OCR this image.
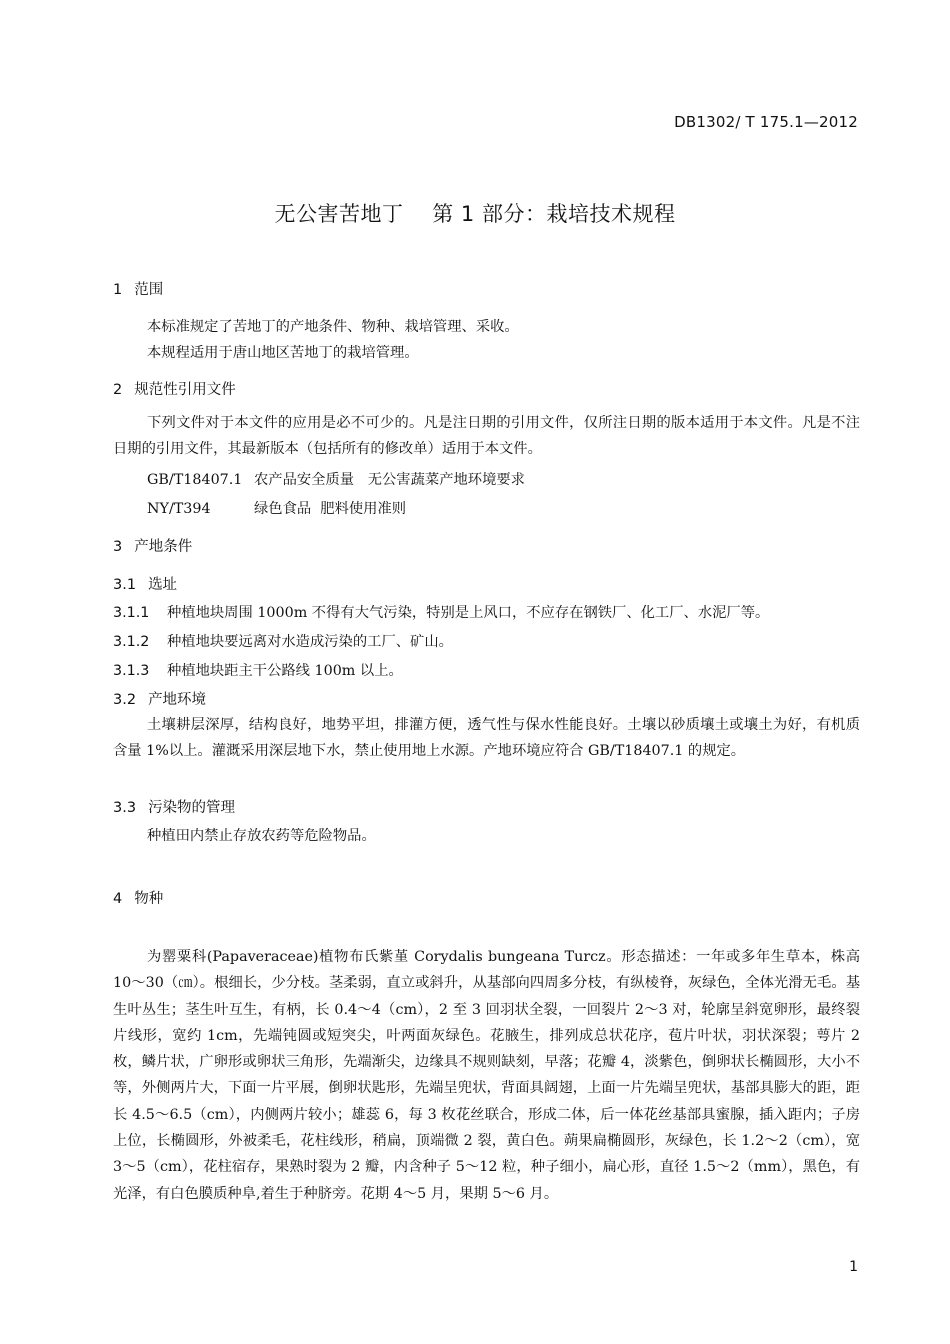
DB1302/ T 175.1—2012
无公害苦地丁    第 1 部分：栽培技术规程
1 范围
本标准规定了苦地丁的产地条件、物种、栽培管理、采收。
本规程适用于唐山地区苦地丁的栽培管理。
2 规范性引用文件
下列文件对于本文件的应用是必不可少的。凡是注日期的引用文件，仅所注日期的版本适用于本文件。凡是不注日期的引用文件，其最新版本（包括所有的修改单）适用于本文件。
GB/T18407.1 农产品安全质量   无公害蔬菜产地环境要求
NY/T394	绿色食品  肥料使用准则
3 产地条件
3.1 选址
3.1.1 种植地块周围 1000m 不得有大气污染，特别是上风口，不应存在钢铁厂、化工厂、水泥厂等。
3.1.2 种植地块要远离对水造成污染的工厂、矿山。
3.1.3 种植地块距主干公路线 100m 以上。
3.2 产地环境
土壤耕层深厚，结构良好，地势平坦，排灌方便，透气性与保水性能良好。土壤以砂质壤土或壤土为好，有机质含量 1%以上。灌溉采用深层地下水，禁止使用地上水源。产地环境应符合 GB/T18407.1 的规定。
3.3 污染物的管理
种植田内禁止存放农药等危险物品。
4 物种
为罂粟科(Papaveraceae)植物布氏紫堇 Corydalis bungeana Turcz。形态描述：一年或多年生草本，株高 10～30（㎝）。根细长，少分枝。茎柔弱，直立或斜升，从基部向四周多分枝，有纵棱脊，灰绿色，全体光滑无毛。基生叶丛生；茎生叶互生，有柄，长 0.4～4（cm），2 至 3 回羽状全裂，一回裂片 2～3 对，轮廓呈斜宽卵形，最终裂片线形，宽约 1cm，先端钝圆或短突尖，叶两面灰绿色。花腋生，排列成总状花序，苞片叶状，羽状深裂；萼片 2 枚，鳞片状，广卵形或卵状三角形，先端渐尖，边缘具不规则缺刻，早落；花瓣 4，淡紫色，倒卵状长椭圆形，大小不等，外侧两片大，下面一片平展，倒卵状匙形，先端呈兜状，背面具阔翅，上面一片先端呈兜状，基部具膨大的距，距长 4.5～6.5（cm），内侧两片较小；雄蕊 6，每 3 枚花丝联合，形成二体，后一体花丝基部具蜜腺，插入距内；子房上位，长椭圆形，外被柔毛，花柱线形，稍扁，顶端微 2 裂，黄白色。蒴果扁椭圆形，灰绿色，长 1.2～2（cm），宽 3～5（cm），花柱宿存，果熟时裂为 2 瓣，内含种子 5～12 粒，种子细小，扁心形，直径 1.5～2（mm），黑色，有光泽，有白色膜质种阜,着生于种脐旁。花期 4～5 月，果期 5～6 月。
1
